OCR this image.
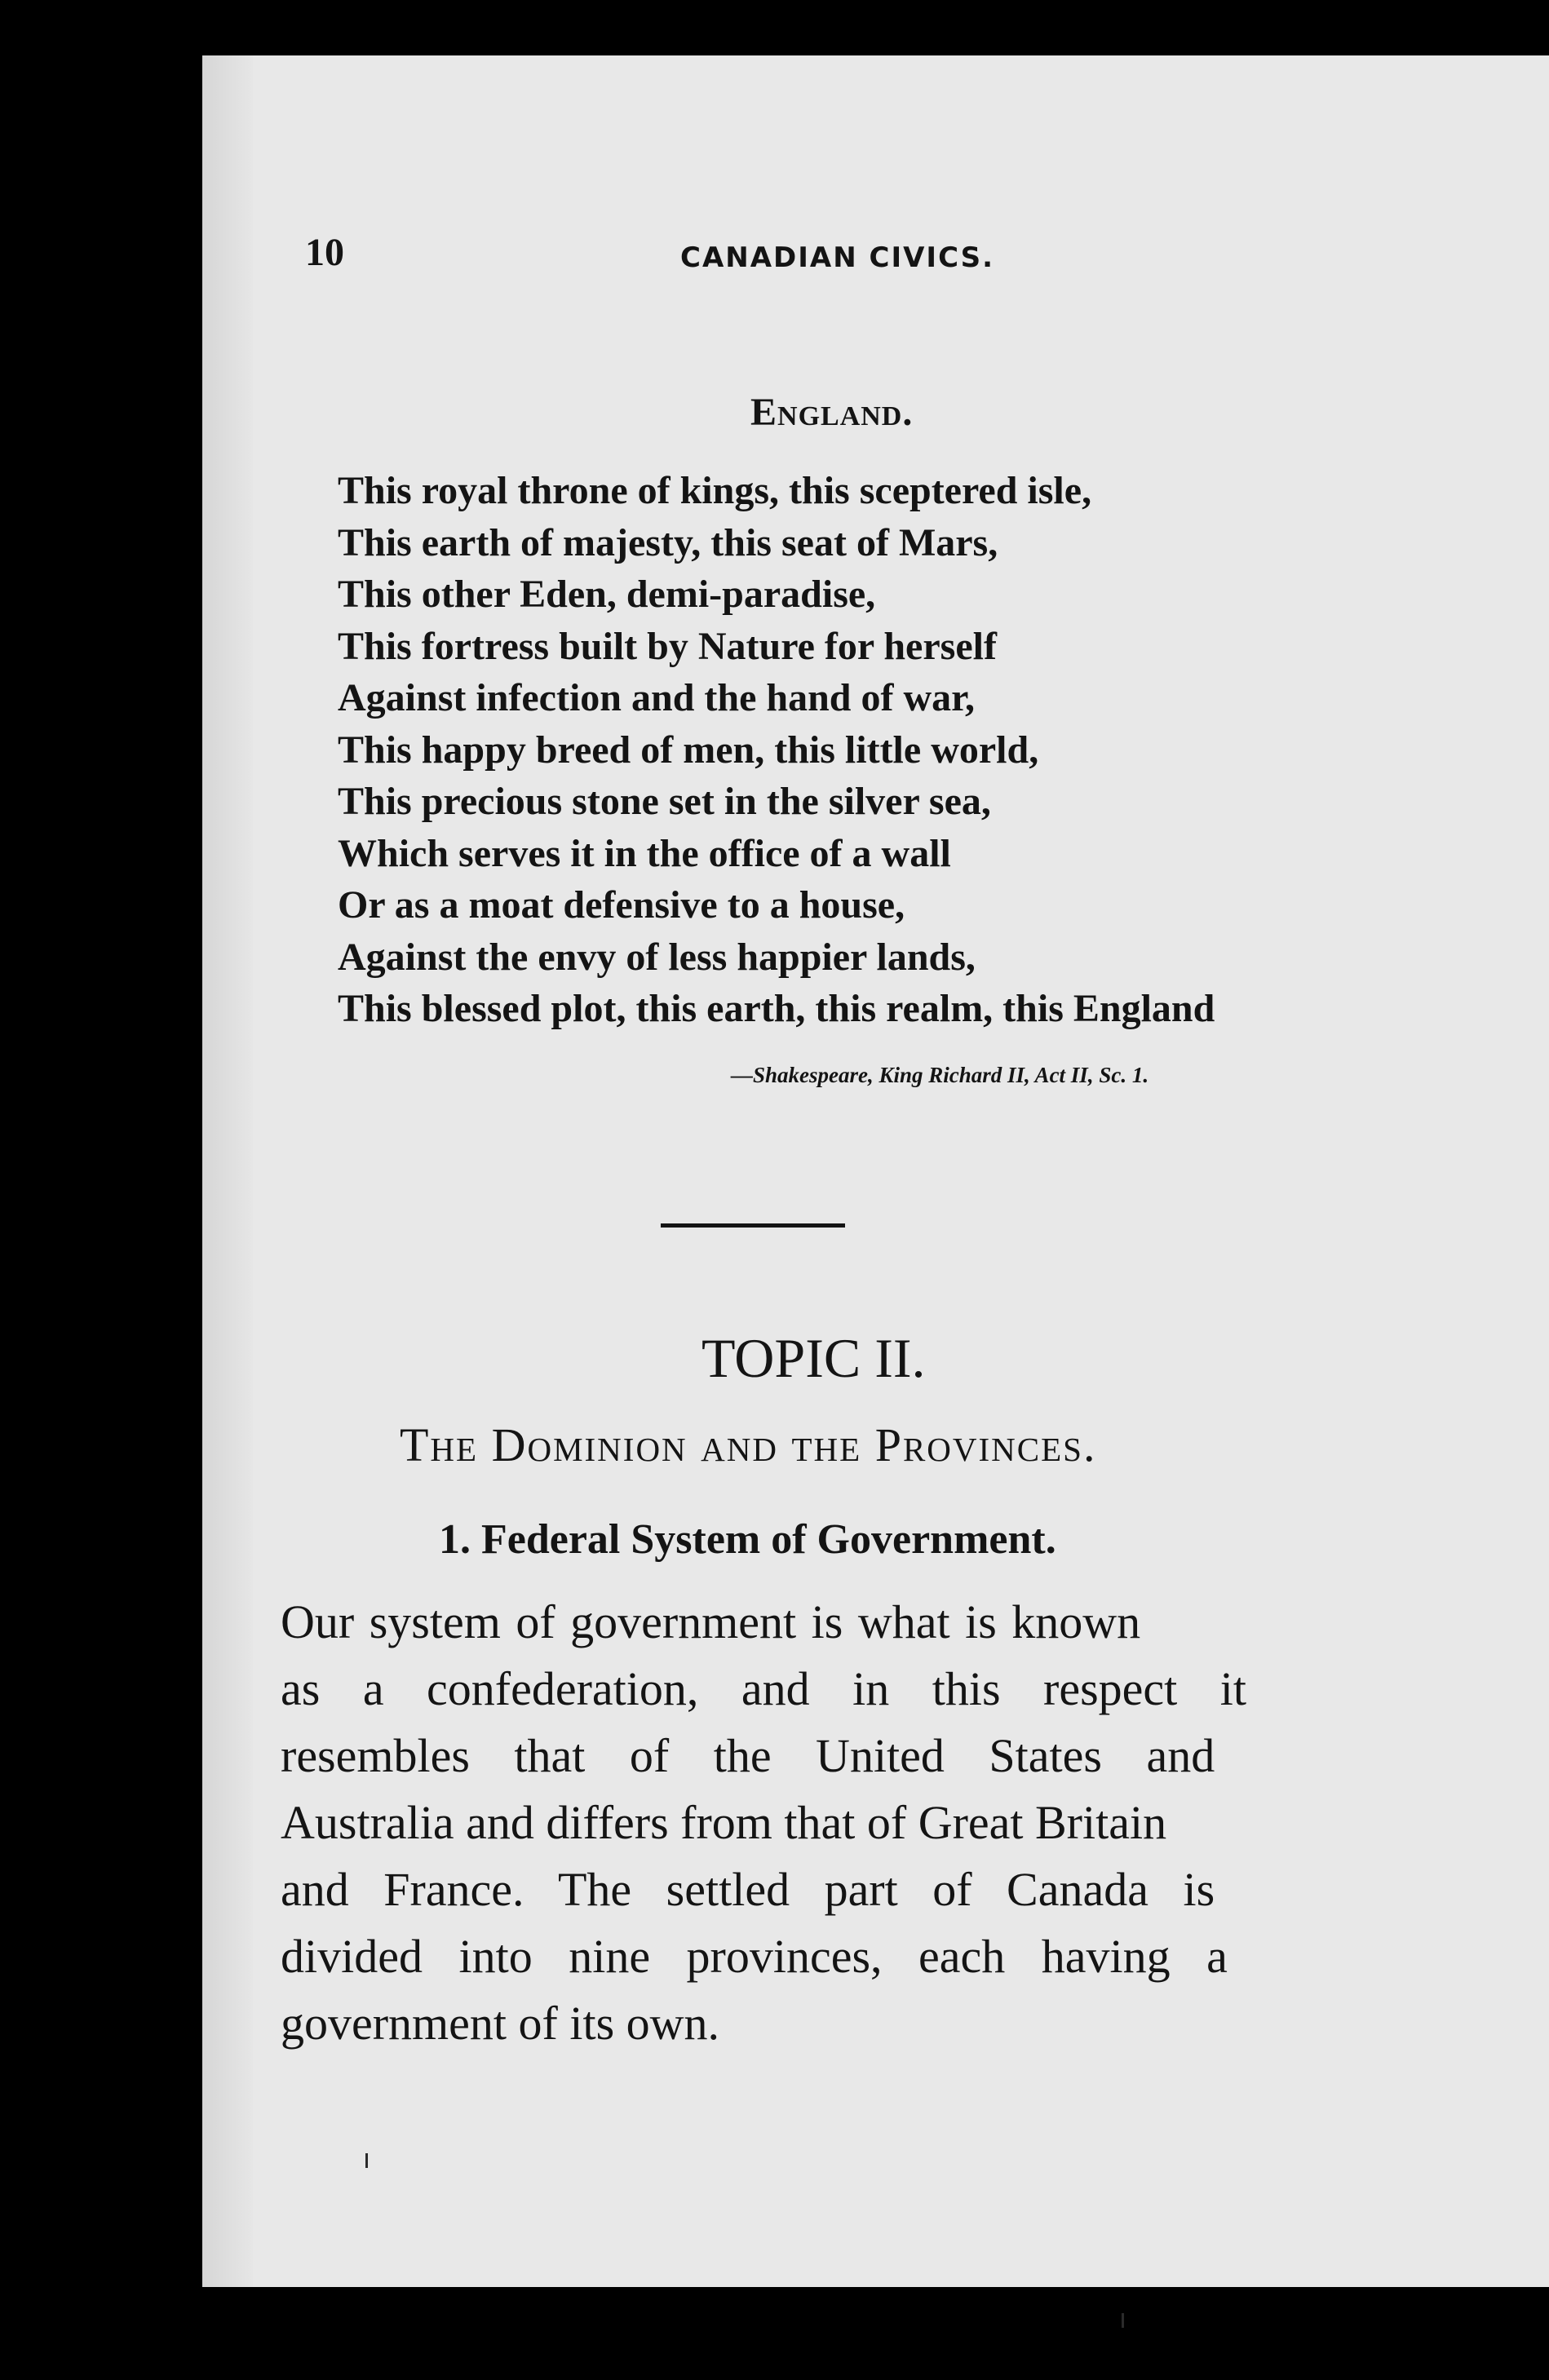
10	CANADIAN CIVICS.
England.
This royal throne of kings, this sceptered isle,
This earth of majesty, this seat of Mars,
This other Eden, demi-paradise,
This fortress built by Nature for herself
Against infection and the hand of war,
This happy breed of men, this little world,
This precious stone set in the silver sea,
Which serves it in the office of a wall
Or as a moat defensive to a house,
Against the envy of less happier lands,
This blessed plot, this earth, this realm, this England
—Shakespeare, King Richard II, Act II, Sc. 1.
TOPIC II.
The Dominion and the Provinces.
1. Federal System of Government.
Our system of government is what is known
as a confederation, and in this respect it
resembles that of the United States and
Australia and differs from that of Great Britain
and France. The settled part of Canada is
divided into nine provinces, each having a
government of its own.
